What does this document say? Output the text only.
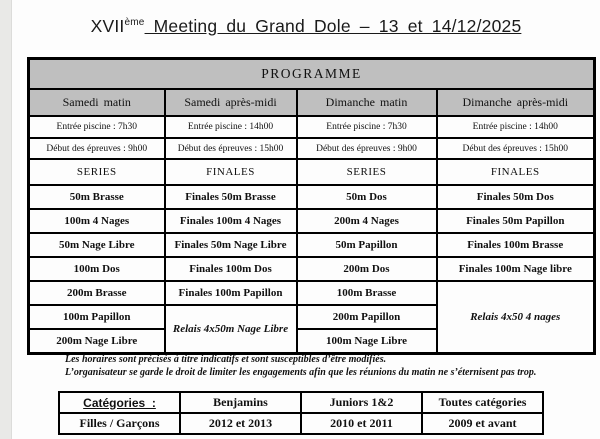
XVIIème Meeting du Grand Dole – 13 et 14/12/2025
PROGRAMME			
Samedi matin	Samedi après-midi	Dimanche matin	Dimanche après-midi
Entrée piscine : 7h30	Entrée piscine : 14h00	Entrée piscine : 7h30	Entrée piscine : 14h00
Début des épreuves : 9h00	Début des épreuves : 15h00	Début des épreuves : 9h00	Début des épreuves : 15h00
SERIES	FINALES	SERIES	FINALES
50m Brasse	Finales 50m Brasse	50m Dos	Finales 50m Dos
100m 4 Nages	Finales 100m 4 Nages	200m 4 Nages	Finales 50m Papillon
50m Nage Libre	Finales 50m Nage Libre	50m Papillon	Finales 100m Brasse
100m Dos	Finales 100m Dos	200m Dos	Finales 100m Nage libre
200m Brasse	Finales 100m Papillon	100m Brasse	Relais 4x50 4 nages
100m Papillon	Relais 4x50m Nage Libre	200m Papillon	
200m Nage Libre		100m Nage Libre	
Les horaires sont précisés à titre indicatifs et sont susceptibles d’être modifiés.
L’organisateur se garde le droit de limiter les engagements afin que les réunions du matin ne s’éternisent pas trop.
Catégories  :	Benjamins	Juniors 1&2	Toutes catégories
Filles / Garçons	2012 et 2013	2010 et 2011	2009 et avant
